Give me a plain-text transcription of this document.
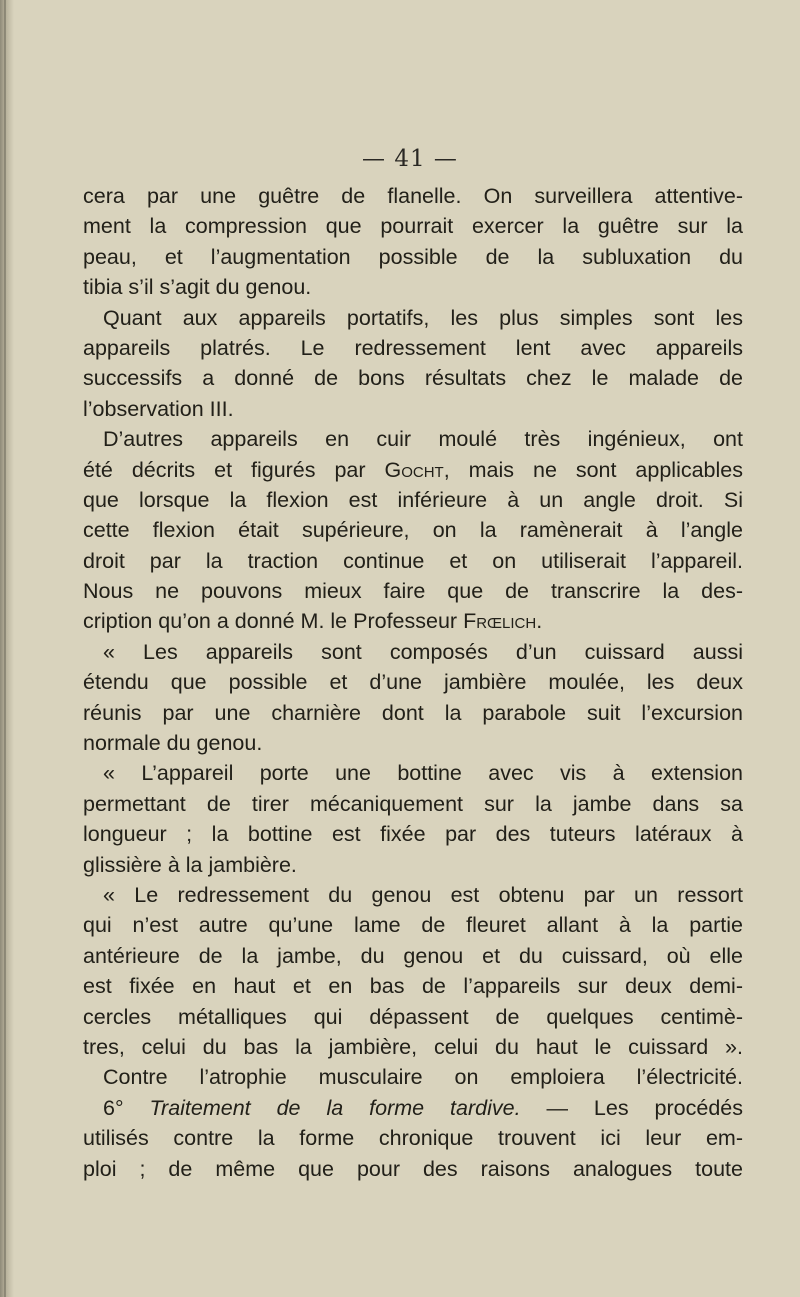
— 41 —
cera par une guêtre de flanelle. On surveillera attentive-
ment la compression que pourrait exercer la guêtre sur la
peau, et l’augmentation possible de la subluxation du
tibia s’il s’agit du genou.
Quant aux appareils portatifs, les plus simples sont les
appareils platrés. Le redressement lent avec appareils
successifs a donné de bons résultats chez le malade de
l’observation III.
D’autres appareils en cuir moulé très ingénieux, ont
été décrits et figurés par Gocht, mais ne sont applicables
que lorsque la flexion est inférieure à un angle droit. Si
cette flexion était supérieure, on la ramènerait à l’angle
droit par la traction continue et on utiliserait l’appareil.
Nous ne pouvons mieux faire que de transcrire la des-
cription qu’on a donné M. le Professeur Frœlich.
« Les appareils sont composés d’un cuissard aussi
étendu que possible et d’une jambière moulée, les deux
réunis par une charnière dont la parabole suit l’excursion
normale du genou.
« L’appareil porte une bottine avec vis à extension
permettant de tirer mécaniquement sur la jambe dans sa
longueur ; la bottine est fixée par des tuteurs latéraux à
glissière à la jambière.
« Le redressement du genou est obtenu par un ressort
qui n’est autre qu’une lame de fleuret allant à la partie
antérieure de la jambe, du genou et du cuissard, où elle
est fixée en haut et en bas de l’appareils sur deux demi-
cercles métalliques qui dépassent de quelques centimè-
tres, celui du bas la jambière, celui du haut le cuissard ».
Contre l’atrophie musculaire on emploiera l’électricité.
6° Traitement de la forme tardive. — Les procédés
utilisés contre la forme chronique trouvent ici leur em-
ploi ; de même que pour des raisons analogues toute
